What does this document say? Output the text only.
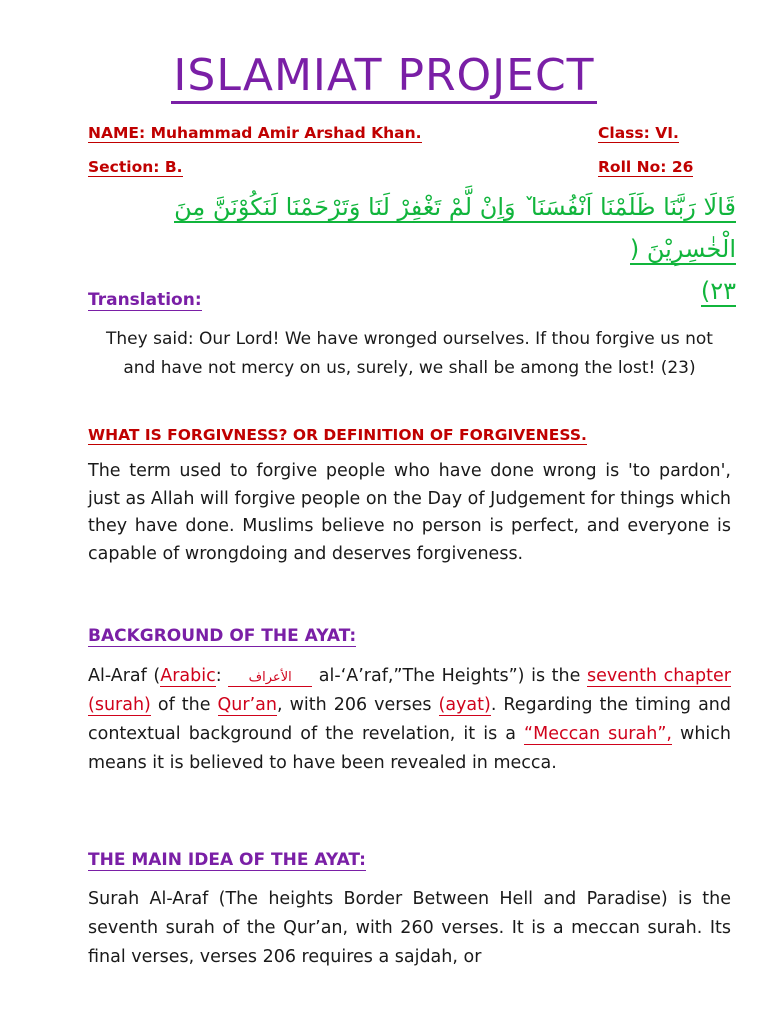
ISLAMIAT PROJECT
NAME: Muhammad Amir Arshad Khan.	Class: VI.
Section: B.	Roll No: 26
قَالَا رَبَّنَا ظَلَمْنَا اَنْفُسَنَا ٚ وَاِنْ لَّمْ تَغْفِرْ لَنَا وَتَرْحَمْنَا لَنَكُوْنَنَّ مِنَ الْخٰسِرِيْنَ (
٢٣)
Translation:
They said: Our Lord! We have wronged ourselves. If thou forgive us not and have not mercy on us, surely, we shall be among the lost! (23)
WHAT IS FORGIVNESS? OR DEFINITION OF FORGIVENESS.
The term used to forgive people who have done wrong is 'to pardon', just as Allah will forgive people on the Day of Judgement for things which they have done. Muslims believe no person is perfect, and everyone is capable of wrongdoing and deserves forgiveness.
BACKGROUND OF THE AYAT:
Al-Araf (Arabic: الأعراف al-‘A’raf,”The Heights”) is the seventh chapter (surah) of the Qur’an, with 206 verses (ayat). Regarding the timing and contextual background of the revelation, it is a “Meccan surah”, which means it is believed to have been revealed in mecca.
THE MAIN IDEA OF THE AYAT:
Surah Al-Araf (The heights Border Between Hell and Paradise) is the seventh surah of the Qur’an, with 260 verses. It is a meccan surah. Its final verses, verses 206 requires a sajdah, or
